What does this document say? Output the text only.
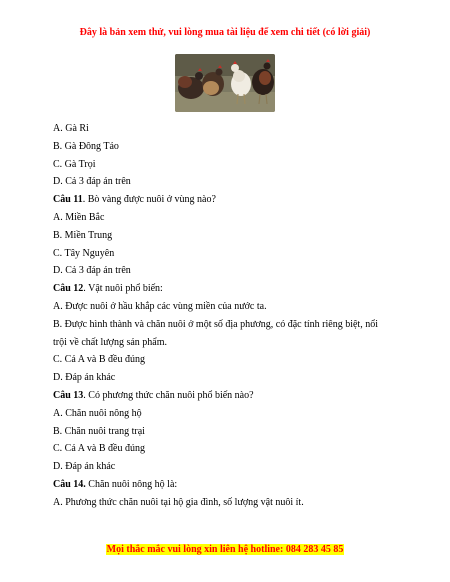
Đây là bản xem thử, vui lòng mua tài liệu để xem chi tiết (có lời giải)
A. Gà Ri
B. Gà Đông Tảo
C. Gà Trọi
D. Cả 3 đáp án trên
Câu 11. Bò vàng được nuôi ở vùng nào?
A. Miền Bắc
B. Miền Trung
C. Tây Nguyên
D. Cả 3 đáp án trên
Câu 12. Vật nuôi phổ biến:
A. Được nuôi ở hầu khắp các vùng miền của nước ta.
B. Được hình thành và chăn nuôi ở một số địa phương, có đặc tính riêng biệt, nổi
trội về chất lượng sản phẩm.
C. Cả A và B đều đúng
D. Đáp án khác
Câu 13. Có phương thức chăn nuôi phổ biến nào?
A. Chăn nuôi nông hộ
B. Chăn nuôi trang trại
C. Cả A và B đều đúng
D. Đáp án khác
Câu 14. Chăn nuôi nông hộ là:
A. Phương thức chăn nuôi tại hộ gia đình, số lượng vật nuôi ít.
Mọi thắc mắc vui lòng xin liên hệ hotline: 084 283 45 85
